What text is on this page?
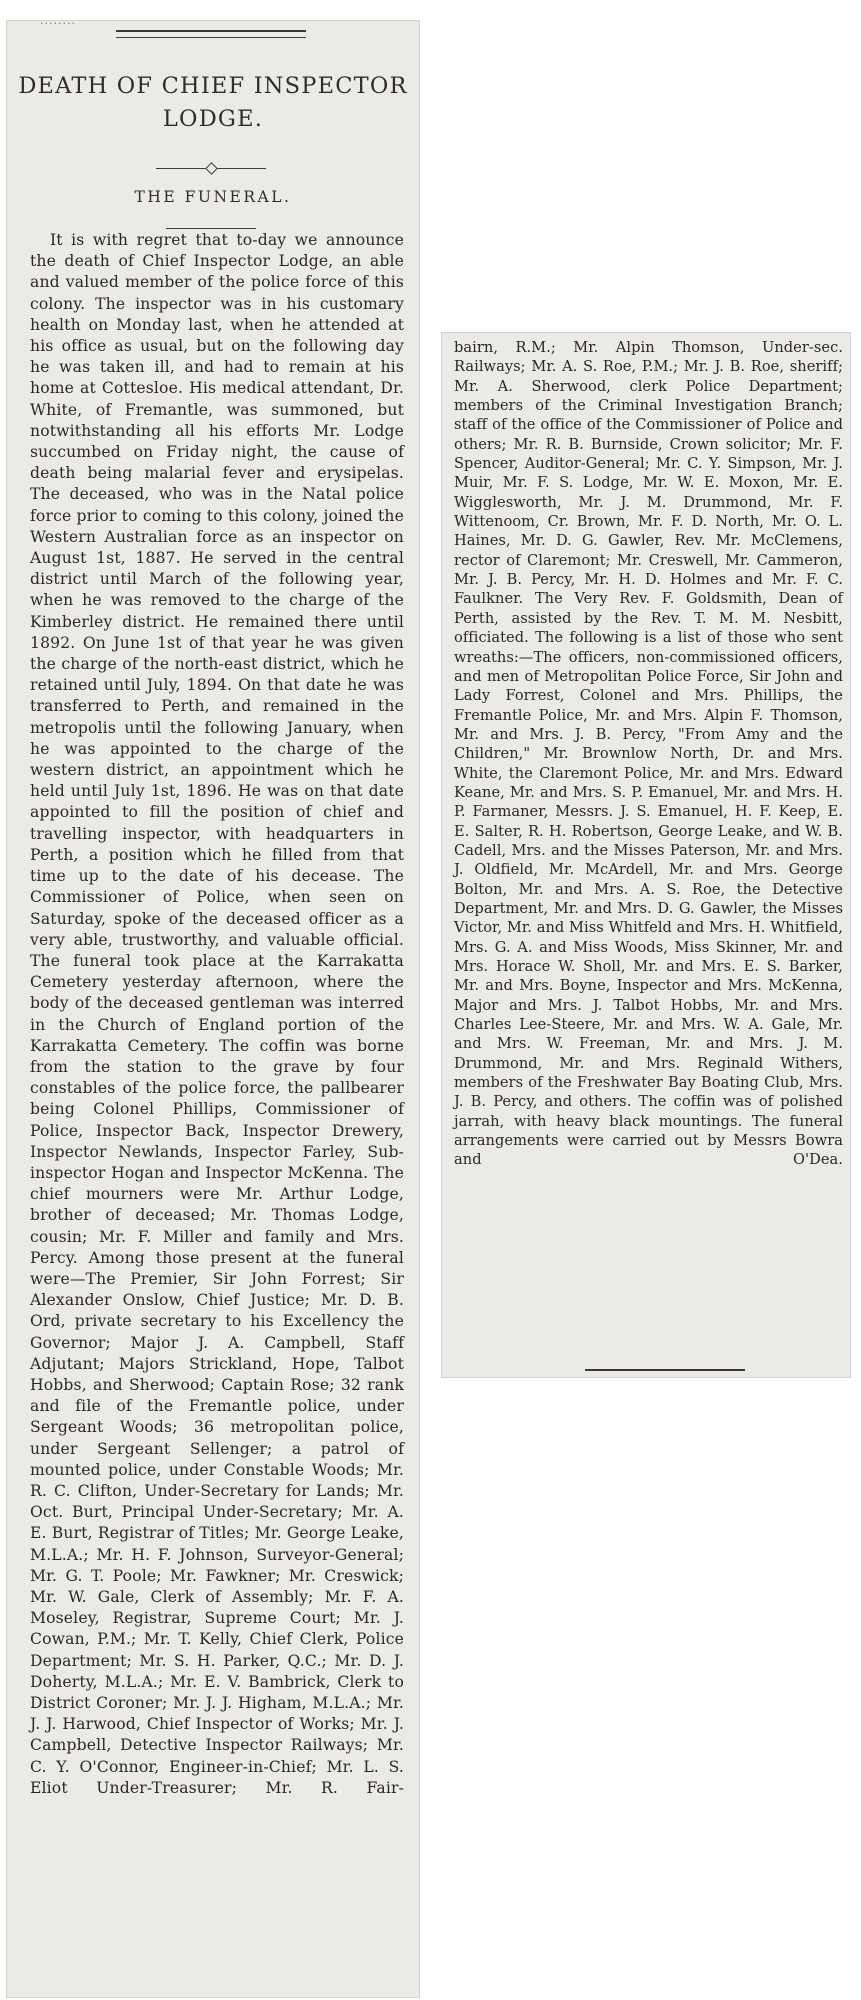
........
DEATH OF CHIEF INSPECTOR
LODGE.
THE FUNERAL.

It is with regret that to-day we announce the death of Chief Inspector Lodge, an able and valued member of the police force of this colony. The inspector was in his customary health on Monday last, when he attended at his office as usual, but on the following day he was taken ill, and had to remain at his home at Cottesloe. His medical attendant, Dr. White, of Fremantle, was summoned, but notwithstanding all his efforts Mr. Lodge succumbed on Friday night, the cause of death being malarial fever and erysipelas. The deceased, who was in the Natal police force prior to coming to this colony, joined the Western Australian force as an inspector on August 1st, 1887. He served in the central district until March of the following year, when he was removed to the charge of the Kimberley district. He remained there until 1892. On June 1st of that year he was given the charge of the north-east district, which he retained until July, 1894. On that date he was transferred to Perth, and remained in the metropolis until the following January, when he was appointed to the charge of the western district, an appointment which he held until July 1st, 1896. He was on that date appointed to fill the position of chief and travelling inspector, with headquarters in Perth, a position which he filled from that time up to the date of his decease. The Commissioner of Police, when seen on Saturday, spoke of the deceased officer as a very able, trustworthy, and valuable official. The funeral took place at the Karrakatta Cemetery yesterday afternoon, where the body of the deceased gentleman was interred in the Church of England portion of the Karrakatta Cemetery. The coffin was borne from the station to the grave by four constables of the police force, the pallbearer being Colonel Phillips, Commissioner of Police, Inspector Back, Inspector Drewery, Inspector Newlands, Inspector Farley, Sub-inspector Hogan and Inspector McKenna. The chief mourners were Mr. Arthur Lodge, brother of deceased; Mr. Thomas Lodge, cousin; Mr. F. Miller and family and Mrs. Percy. Among those present at the funeral were—The Premier, Sir John Forrest; Sir Alexander Onslow, Chief Justice; Mr. D. B. Ord, private secretary to his Excellency the Governor; Major J. A. Campbell, Staff Adjutant; Majors Strickland, Hope, Talbot Hobbs, and Sherwood; Captain Rose; 32 rank and file of the Fremantle police, under Sergeant Woods; 36 metropolitan police, under Sergeant Sellenger; a patrol of mounted police, under Constable Woods; Mr. R. C. Clifton, Under-Secretary for Lands; Mr. Oct. Burt, Principal Under-Secretary; Mr. A. E. Burt, Registrar of Titles; Mr. George Leake, M.L.A.; Mr. H. F. Johnson, Surveyor-General; Mr. G. T. Poole; Mr. Fawkner; Mr. Creswick; Mr. W. Gale, Clerk of Assembly; Mr. F. A. Moseley, Registrar, Supreme Court; Mr. J. Cowan, P.M.; Mr. T. Kelly, Chief Clerk, Police Department; Mr. S. H. Parker, Q.C.; Mr. D. J. Doherty, M.L.A.; Mr. E. V. Bambrick, Clerk to District Coroner; Mr. J. J. Higham, M.L.A.; Mr. J. J. Harwood, Chief Inspector of Works; Mr. J. Campbell, Detective Inspector Railways; Mr. C. Y. O'Connor, Engineer-in-Chief; Mr. L. S. Eliot Under-Treasurer; Mr. R. Fair-

bairn, R.M.; Mr. Alpin Thomson, Under-sec. Railways; Mr. A. S. Roe, P.M.; Mr. J. B. Roe, sheriff; Mr. A. Sherwood, clerk Police Department; members of the Criminal Investigation Branch; staff of the office of the Commissioner of Police and others; Mr. R. B. Burnside, Crown solicitor; Mr. F. Spencer, Auditor-General; Mr. C. Y. Simpson, Mr. J. Muir, Mr. F. S. Lodge, Mr. W. E. Moxon, Mr. E. Wigglesworth, Mr. J. M. Drummond, Mr. F. Wittenoom, Cr. Brown, Mr. F. D. North, Mr. O. L. Haines, Mr. D. G. Gawler, Rev. Mr. McClemens, rector of Claremont; Mr. Creswell, Mr. Cammeron, Mr. J. B. Percy, Mr. H. D. Holmes and Mr. F. C. Faulkner. The Very Rev. F. Goldsmith, Dean of Perth, assisted by the Rev. T. M. M. Nesbitt, officiated. The following is a list of those who sent wreaths:—The officers, non-commissioned officers, and men of Metropolitan Police Force, Sir John and Lady Forrest, Colonel and Mrs. Phillips, the Fremantle Police, Mr. and Mrs. Alpin F. Thomson, Mr. and Mrs. J. B. Percy, "From Amy and the Children," Mr. Brownlow North, Dr. and Mrs. White, the Claremont Police, Mr. and Mrs. Edward Keane, Mr. and Mrs. S. P. Emanuel, Mr. and Mrs. H. P. Farmaner, Messrs. J. S. Emanuel, H. F. Keep, E. E. Salter, R. H. Robertson, George Leake, and W. B. Cadell, Mrs. and the Misses Paterson, Mr. and Mrs. J. Oldfield, Mr. McArdell, Mr. and Mrs. George Bolton, Mr. and Mrs. A. S. Roe, the Detective Department, Mr. and Mrs. D. G. Gawler, the Misses Victor, Mr. and Miss Whitfeld and Mrs. H. Whitfield, Mrs. G. A. and Miss Woods, Miss Skinner, Mr. and Mrs. Horace W. Sholl, Mr. and Mrs. E. S. Barker, Mr. and Mrs. Boyne, Inspector and Mrs. McKenna, Major and Mrs. J. Talbot Hobbs, Mr. and Mrs. Charles Lee-Steere, Mr. and Mrs. W. A. Gale, Mr. and Mrs. W. Freeman, Mr. and Mrs. J. M. Drummond, Mr. and Mrs. Reginald Withers, members of the Freshwater Bay Boating Club, Mrs. J. B. Percy, and others. The coffin was of polished jarrah, with heavy black mountings. The funeral arrangements were carried out by Messrs Bowra and O'Dea.
